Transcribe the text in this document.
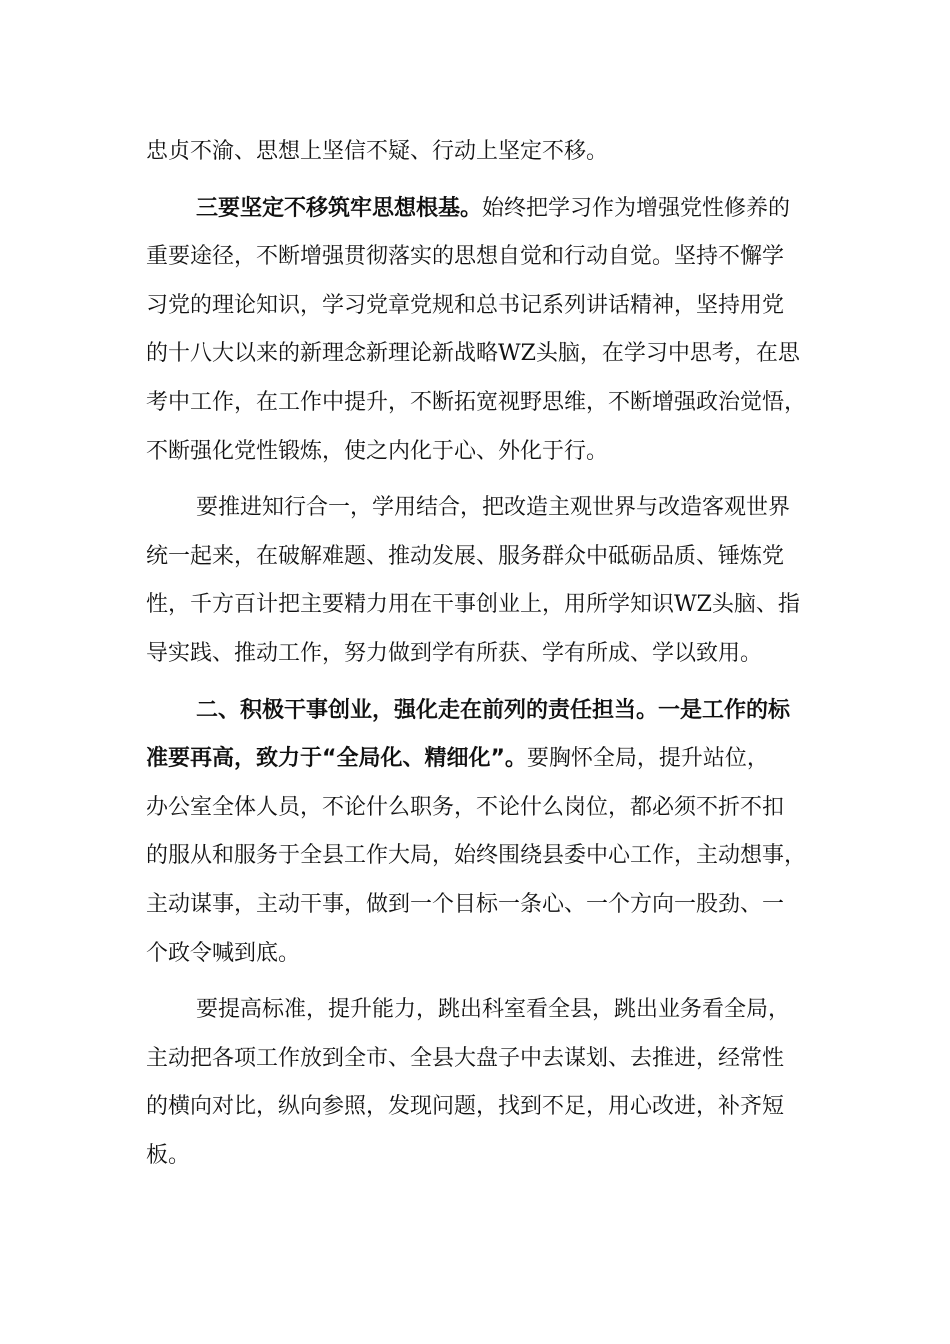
忠贞不渝、思想上坚信不疑、行动上坚定不移。
三要坚定不移筑牢思想根基。始终把学习作为增强党性修养的
重要途径，不断增强贯彻落实的思想自觉和行动自觉。坚持不懈学
习党的理论知识，学习党章党规和总书记系列讲话精神，坚持用党
的十八大以来的新理念新理论新战略WZ头脑，在学习中思考，在思
考中工作，在工作中提升，不断拓宽视野思维，不断增强政治觉悟，
不断强化党性锻炼，使之内化于心、外化于行。
要推进知行合一，学用结合，把改造主观世界与改造客观世界
统一起来，在破解难题、推动发展、服务群众中砥砺品质、锤炼党
性，千方百计把主要精力用在干事创业上，用所学知识WZ头脑、指
导实践、推动工作，努力做到学有所获、学有所成、学以致用。
二、积极干事创业，强化走在前列的责任担当。一是工作的标
准要再高，致力于“全局化、精细化”。要胸怀全局，提升站位，
办公室全体人员，不论什么职务，不论什么岗位，都必须不折不扣
的服从和服务于全县工作大局，始终围绕县委中心工作，主动想事，
主动谋事，主动干事，做到一个目标一条心、一个方向一股劲、一
个政令喊到底。
要提高标准，提升能力，跳出科室看全县，跳出业务看全局，
主动把各项工作放到全市、全县大盘子中去谋划、去推进，经常性
的横向对比，纵向参照，发现问题，找到不足，用心改进，补齐短
板。
